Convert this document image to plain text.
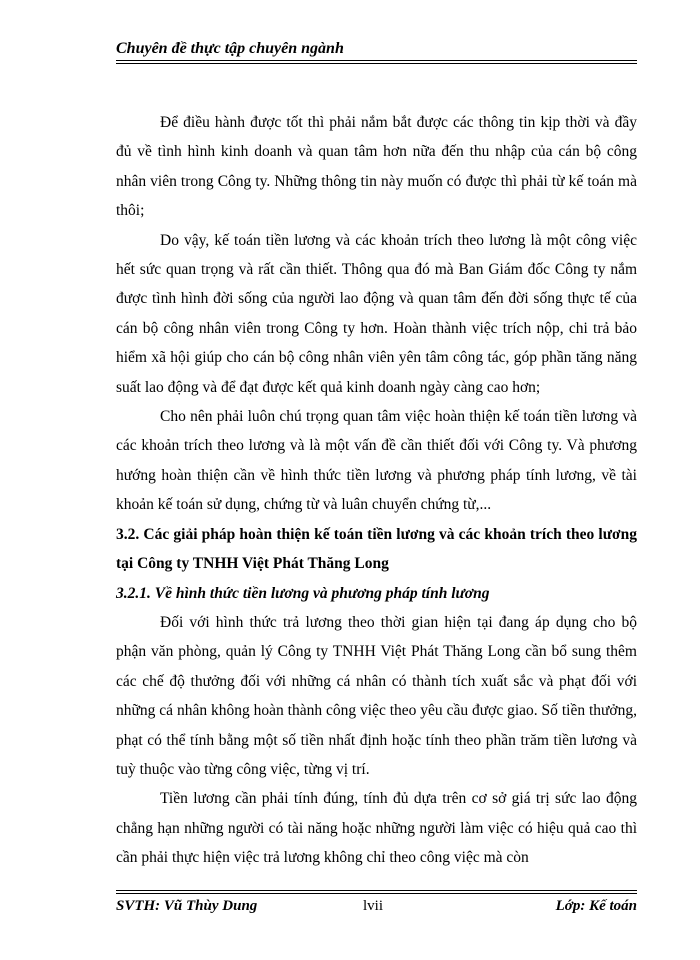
Chuyên đề thực tập chuyên ngành

Để điều hành được tốt thì phải nắm bắt được các thông tin kịp thời và đầy đủ về tình hình kinh doanh và quan tâm hơn nữa đến thu nhập của cán bộ công nhân viên trong Công ty. Những thông tin này muốn có được thì phải từ kế toán mà thôi;

Do vậy, kế toán tiền lương và các khoản trích theo lương là một công việc hết sức quan trọng và rất cần thiết. Thông qua đó mà Ban Giám đốc Công ty nắm được tình hình đời sống của người lao động và quan tâm đến đời sống thực tế của cán bộ công nhân viên trong Công ty hơn. Hoàn thành việc trích nộp, chi trả bảo hiểm xã hội giúp cho cán bộ công nhân viên yên tâm công tác, góp phần tăng năng suất lao động và để đạt được kết quả kinh doanh ngày càng cao hơn;

Cho nên phải luôn chú trọng quan tâm việc hoàn thiện kế toán tiền lương và các khoản trích theo lương và là một vấn đề cần thiết đối với Công ty. Và phương hướng hoàn thiện cần về hình thức tiền lương và phương pháp tính lương, về tài khoản kế toán sử dụng, chứng từ và luân chuyển chứng từ,...

3.2. Các giải pháp hoàn thiện kế toán tiền lương và các khoản trích theo lương tại Công ty TNHH Việt Phát Thăng Long

3.2.1. Về hình thức tiền lương và phương pháp tính lương

Đối với hình thức trả lương theo thời gian hiện tại đang áp dụng cho bộ phận văn phòng, quản lý Công ty TNHH Việt Phát Thăng Long cần bổ sung thêm các chế độ thưởng đối với những cá nhân có thành tích xuất sắc và phạt đối với những cá nhân không hoàn thành công việc theo yêu cầu được giao. Số tiền thưởng, phạt có thể tính bằng một số tiền nhất định hoặc tính theo phần trăm tiền lương và tuỳ thuộc vào từng công việc, từng vị trí.

Tiền lương cần phải tính đúng, tính đủ dựa trên cơ sở giá trị sức lao động chẳng hạn những người có tài năng hoặc những người làm việc có hiệu quả cao thì cần phải thực hiện việc trả lương không chỉ theo công việc mà còn

SVTH: Vũ Thùy Dung	lvii	Lớp: Kế toán
